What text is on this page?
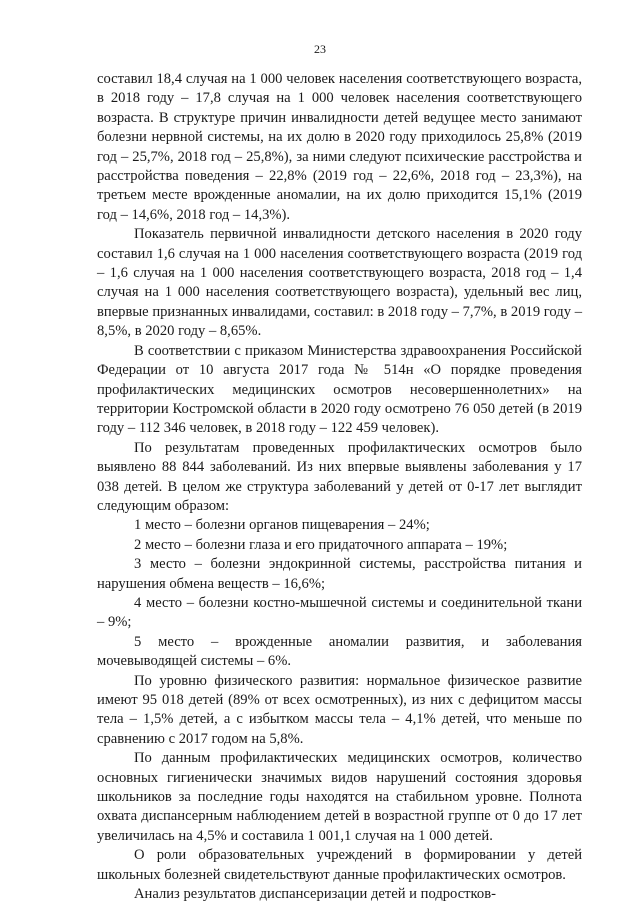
23

составил 18,4 случая на 1 000 человек населения соответствующего возраста, в 2018 году – 17,8 случая на 1 000 человек населения соответствующего возраста. В структуре причин инвалидности детей ведущее место занимают болезни нервной системы, на их долю в 2020 году приходилось 25,8% (2019 год – 25,7%, 2018 год – 25,8%), за ними следуют психические расстройства и расстройства поведения – 22,8% (2019 год – 22,6%, 2018 год – 23,3%), на третьем месте врожденные аномалии, на их долю приходится 15,1% (2019 год – 14,6%, 2018 год – 14,3%).

Показатель первичной инвалидности детского населения в 2020 году составил 1,6 случая на 1 000 населения соответствующего возраста (2019 год – 1,6 случая на 1 000 населения соответствующего возраста, 2018 год – 1,4 случая на 1 000 населения соответствующего возраста), удельный вес лиц, впервые признанных инвалидами, составил: в 2018 году – 7,7%, в 2019 году – 8,5%, в 2020 году – 8,65%.

В соответствии с приказом Министерства здравоохранения Российской Федерации от 10 августа 2017 года № 514н «О порядке проведения профилактических медицинских осмотров несовершеннолетних» на территории Костромской области в 2020 году осмотрено 76 050 детей (в 2019 году – 112 346 человек, в 2018 году – 122 459 человек).

По результатам проведенных профилактических осмотров было выявлено 88 844 заболеваний. Из них впервые выявлены заболевания у 17 038 детей. В целом же структура заболеваний у детей от 0-17 лет выглядит следующим образом:

1 место – болезни органов пищеварения – 24%;

2 место – болезни глаза и его придаточного аппарата – 19%;

3 место – болезни эндокринной системы, расстройства питания и нарушения обмена веществ – 16,6%;

4 место – болезни костно-мышечной системы и соединительной ткани – 9%;

5 место – врожденные аномалии развития, и заболевания мочевыводящей системы – 6%.

По уровню физического развития: нормальное физическое развитие имеют 95 018 детей (89% от всех осмотренных), из них с дефицитом массы тела – 1,5% детей, а с избытком массы тела – 4,1% детей, что меньше по сравнению с 2017 годом на 5,8%.

По данным профилактических медицинских осмотров, количество основных гигиенически значимых видов нарушений состояния здоровья школьников за последние годы находятся на стабильном уровне. Полнота охвата диспансерным наблюдением детей в возрастной группе от 0 до 17 лет увеличилась на 4,5% и составила 1 001,1 случая на 1 000 детей.

О роли образовательных учреждений в формировании у детей школьных болезней свидетельствуют данные профилактических осмотров.

Анализ результатов диспансеризации детей и подростков-
